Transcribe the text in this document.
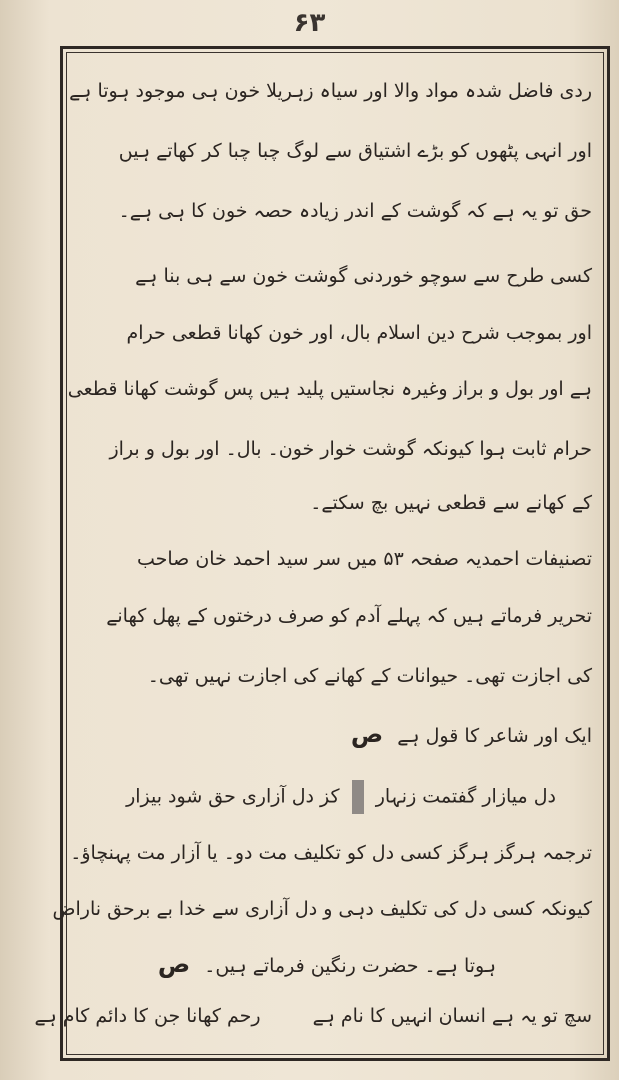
۶۳
ردی فاضل شدہ مواد والا اور سیاہ زہریلا خون ہی موجود ہوتا ہے
اور انہی پٹھوں کو بڑے اشتیاق سے لوگ چبا چبا کر کھاتے ہیں
حق تو یہ ہے کہ گوشت کے اندر زیادہ حصہ خون کا ہی ہے۔
کسی طرح سے سوچو خوردنی گوشت خون سے ہی بنا ہے
اور بموجب شرح دین اسلام بال، اور خون کھانا قطعی حرام
ہے اور بول و براز وغیرہ نجاستیں پلید ہیں پس گوشت کھانا قطعی
حرام ثابت ہوا کیونکہ گوشت خوار خون۔ بال۔ اور بول و براز
کے کھانے سے قطعی نہیں بچ سکتے۔
تصنیفات احمدیہ صفحہ ۵۳ میں سر سید احمد خان صاحب
تحریر فرماتے ہیں کہ پہلے آدم کو صرف درختوں کے پھل کھانے
کی اجازت تھی۔ حیوانات کے کھانے کی اجازت نہیں تھی۔
ایک اور شاعر کا قول ہے ص
دل میازار گفتمت زنہار  کز دل آزاری حق شود بیزار
ترجمہ ہرگز ہرگز کسی دل کو تکلیف مت دو۔ یا آزار مت پہنچاؤ۔
کیونکہ کسی دل کی تکلیف دہی و دل آزاری سے خدا بے برحق ناراض
ہوتا ہے۔ حضرت رنگین فرماتے ہیں۔ ص
سچ تو یہ ہے انسان انہیں کا نام ہے  رحم کھانا جن کا دائم کام ہے
